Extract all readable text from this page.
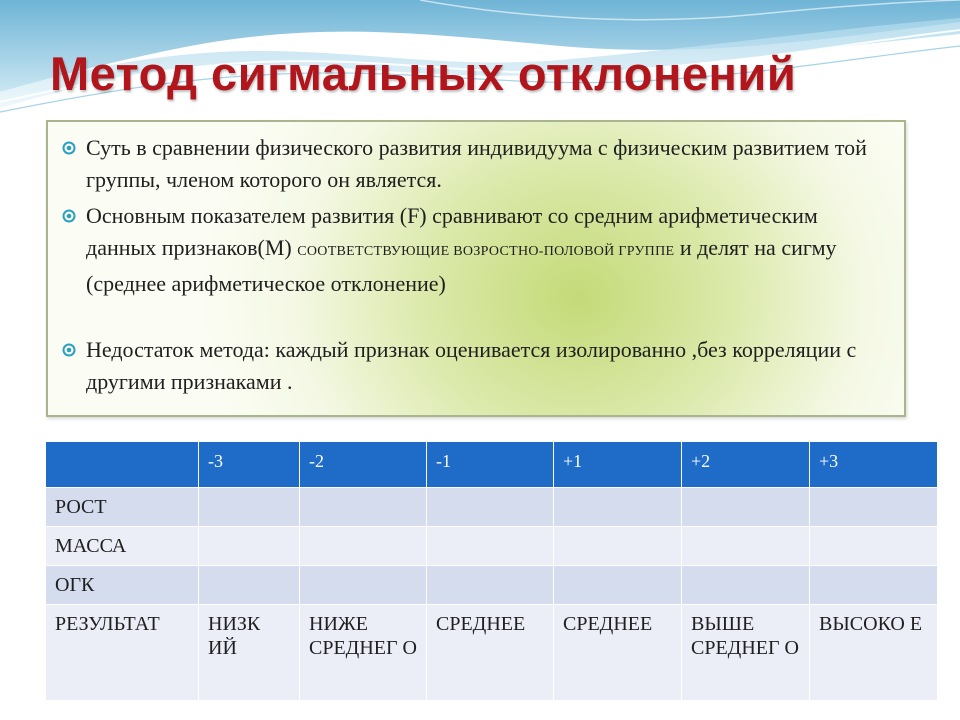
Метод сигмальных отклонений
Суть в сравнении физического развития индивидуума с физическим развитием той группы, членом которого он является.
Основным показателем развития (F) сравнивают со средним арифметическим данных признаков(М) СООТВЕТСТВУЮЩИЕ ВОЗРОСТНО-ПОЛОВОЙ ГРУППЕ и делят на сигму (среднее арифметическое отклонение)
Недостаток метода: каждый признак оценивается изолированно ,без корреляции с другими признаками .
	-3	-2	-1	+1	+2	+3
РОСТ						
МАССА						
ОГК						
РЕЗУЛЬТАТ	НИЗК ИЙ	НИЖЕ СРЕДНЕГ О	СРЕДНЕЕ	СРЕДНЕЕ	ВЫШЕ СРЕДНЕГ О	ВЫСОКО Е
